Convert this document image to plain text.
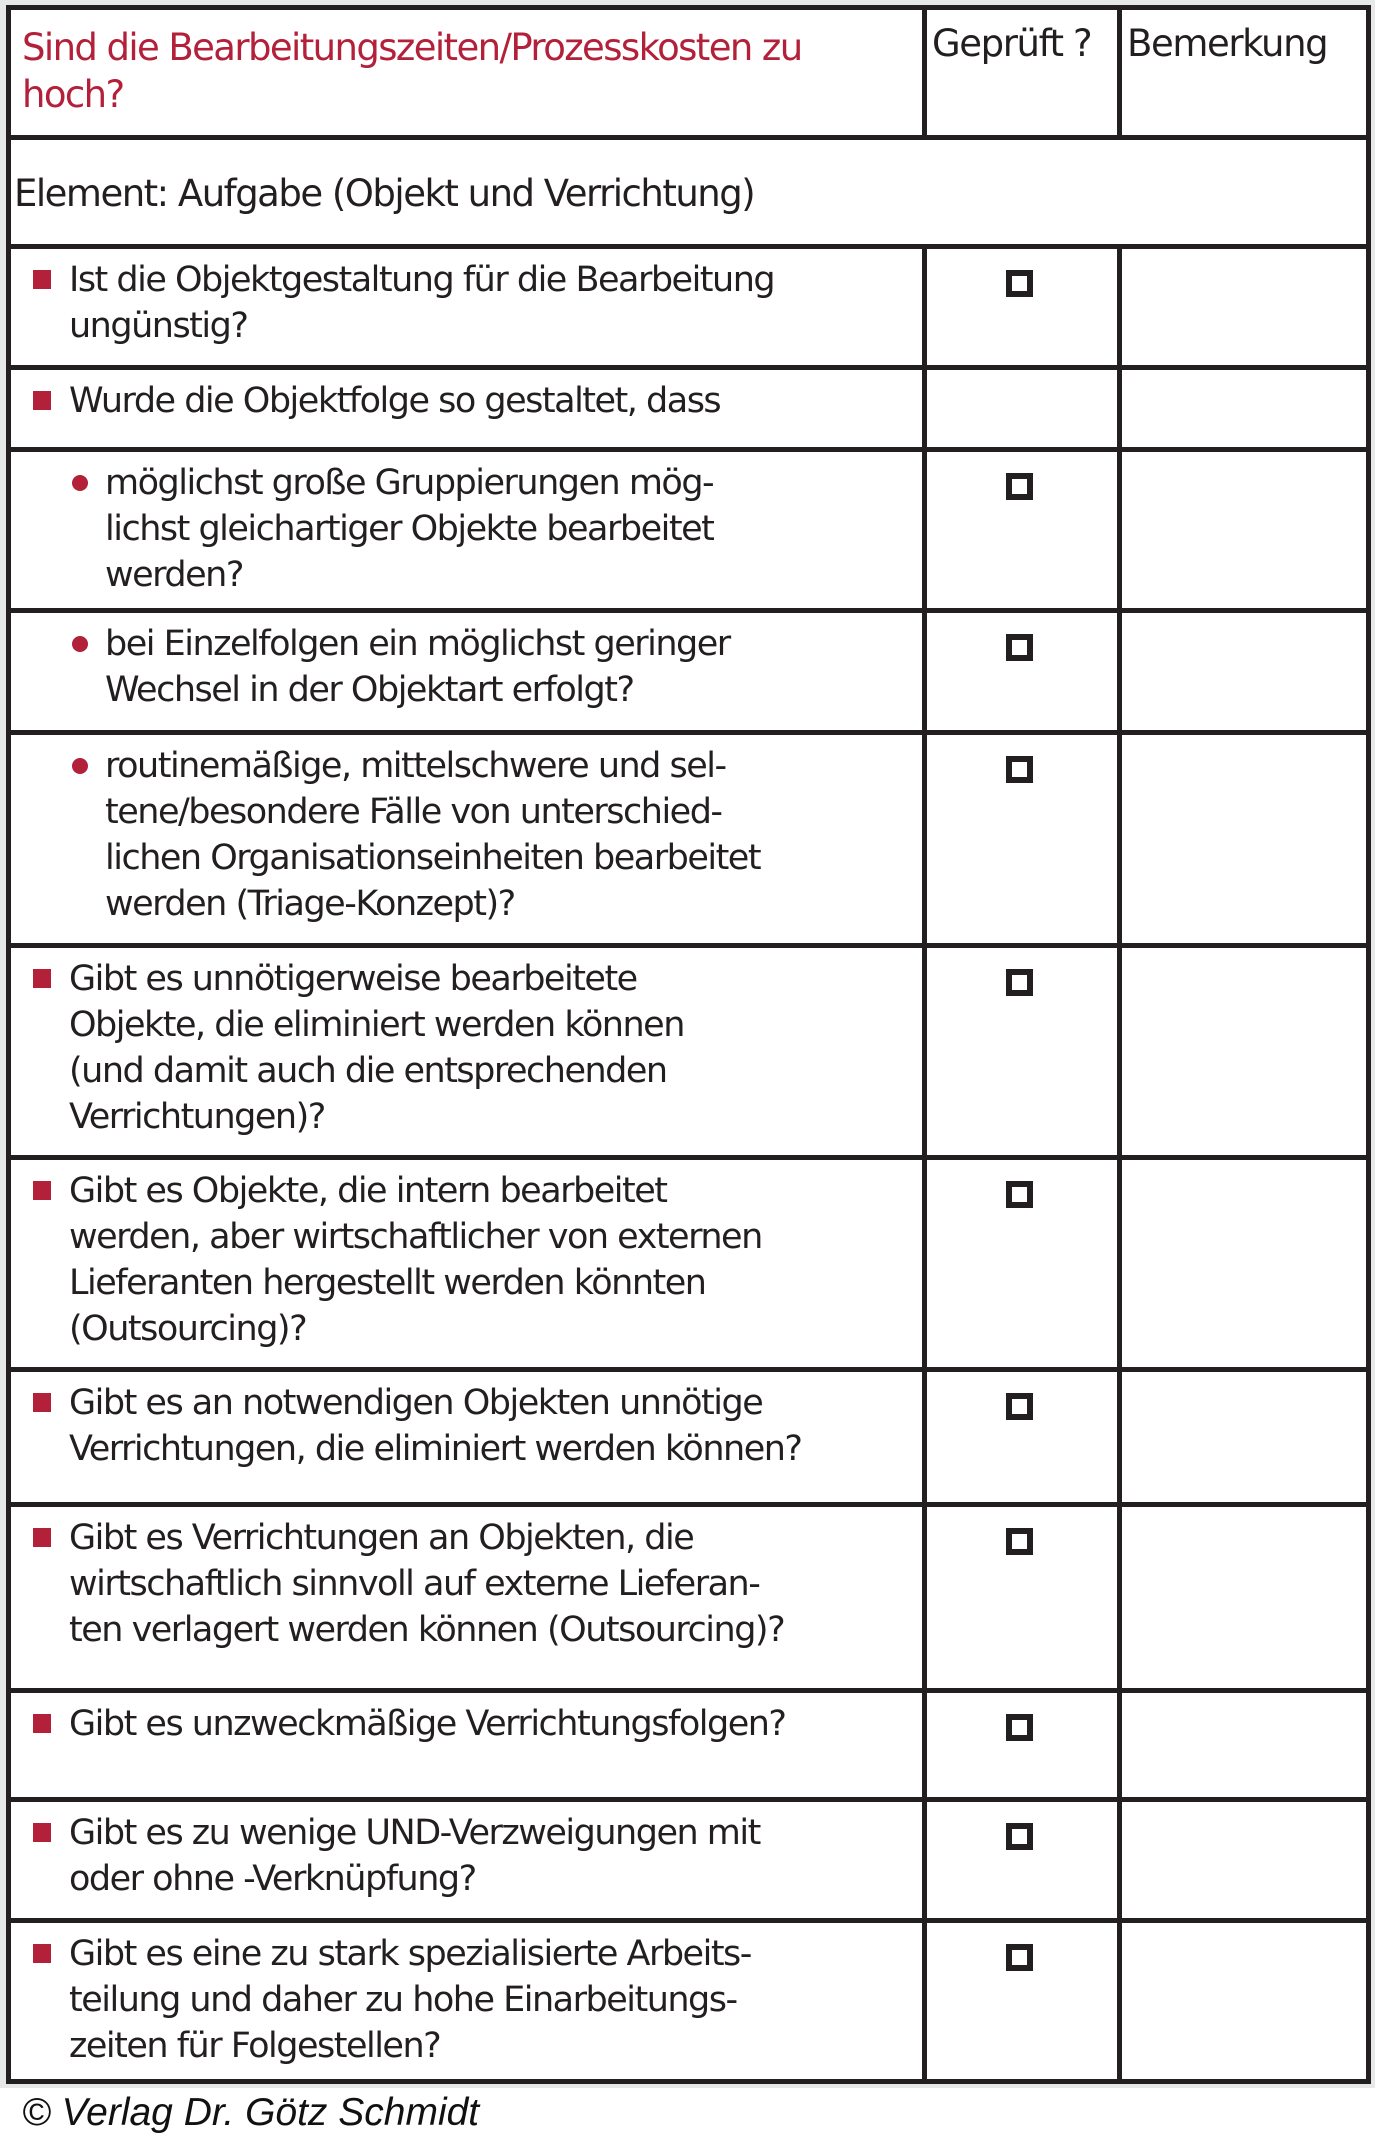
Sind die Bearbeitungszeiten/Prozesskosten zu hoch?
Geprüft ? Bemerkung
Element: Aufgabe (Objekt und Verrichtung)
Ist die Objektgestaltung für die Bearbeitung
ungünstig?
Wurde die Objektfolge so gestaltet, dass
möglichst große Gruppierungen mög-
lichst gleichartiger Objekte bearbeitet
werden?
bei Einzelfolgen ein möglichst geringer
Wechsel in der Objektart erfolgt?
routinemäßige, mittelschwere und sel-
tene/besondere Fälle von unterschied-
lichen Organisationseinheiten bearbeitet
werden (Triage-Konzept)?
Gibt es unnötigerweise bearbeitete
Objekte, die eliminiert werden können
(und damit auch die entsprechenden
Verrichtungen)?
Gibt es Objekte, die intern bearbeitet
werden, aber wirtschaftlicher von externen
Lieferanten hergestellt werden könnten
(Outsourcing)?
Gibt es an notwendigen Objekten unnötige
Verrichtungen, die eliminiert werden können?
Gibt es Verrichtungen an Objekten, die
wirtschaftlich sinnvoll auf externe Lieferan-
ten verlagert werden können (Outsourcing)?
Gibt es unzweckmäßige Verrichtungsfolgen?
Gibt es zu wenige UND-Verzweigungen mit
oder ohne -Verknüpfung?
Gibt es eine zu stark spezialisierte Arbeits-
teilung und daher zu hohe Einarbeitungs-
zeiten für Folgestellen?
© Verlag Dr. Götz Schmidt
